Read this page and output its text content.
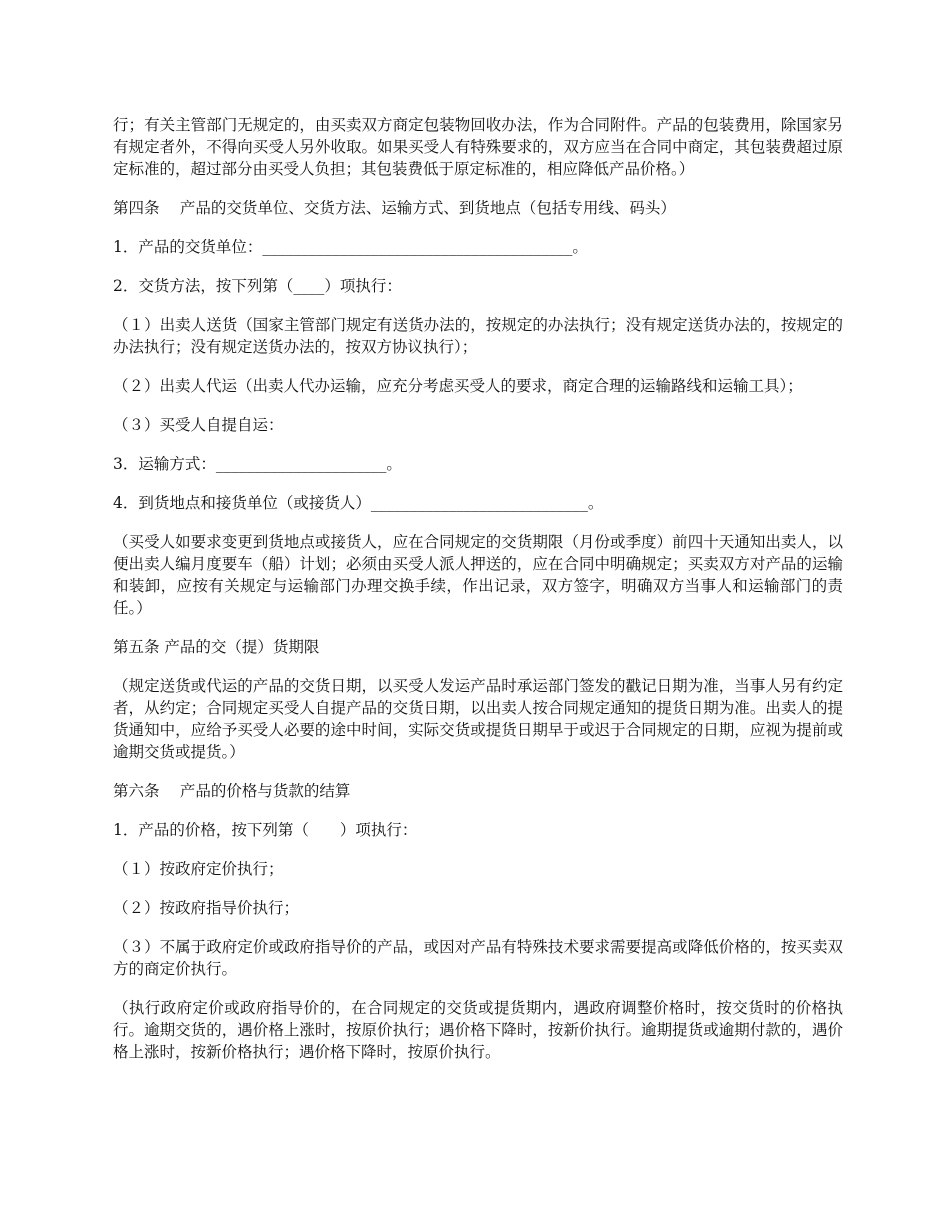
行；有关主管部门无规定的，由买卖双方商定包装物回收办法，作为合同附件。产品的包装费用，除国家另有规定者外，不得向买受人另外收取。如果买受人有特殊要求的，双方应当在合同中商定，其包装费超过原定标准的，超过部分由买受人负担；其包装费低于原定标准的，相应降低产品价格。）

第四条　 产品的交货单位、交货方法、运输方式、到货地点（包括专用线、码头）

1．产品的交货单位：________________________________________。

2．交货方法，按下列第（____）项执行：

（１）出卖人送货（国家主管部门规定有送货办法的，按规定的办法执行；没有规定送货办法的，按规定的办法执行；没有规定送货办法的，按双方协议执行）；

（２）出卖人代运（出卖人代办运输，应充分考虑买受人的要求，商定合理的运输路线和运输工具）；

（３）买受人自提自运：

3．运输方式：______________________。

4．到货地点和接货单位（或接货人）____________________________。

（买受人如要求变更到货地点或接货人，应在合同规定的交货期限（月份或季度）前四十天通知出卖人，以便出卖人编月度要车（船）计划；必须由买受人派人押送的，应在合同中明确规定；买卖双方对产品的运输和装卸，应按有关规定与运输部门办理交换手续，作出记录，双方签字，明确双方当事人和运输部门的责任。）

第五条 产品的交（提）货期限

（规定送货或代运的产品的交货日期，以买受人发运产品时承运部门签发的戳记日期为准，当事人另有约定者，从约定；合同规定买受人自提产品的交货日期，以出卖人按合同规定通知的提货日期为准。出卖人的提货通知中，应给予买受人必要的途中时间，实际交货或提货日期早于或迟于合同规定的日期，应视为提前或逾期交货或提货。）

第六条　 产品的价格与货款的结算

1．产品的价格，按下列第（　　）项执行：

（１）按政府定价执行；

（２）按政府指导价执行；

（３）不属于政府定价或政府指导价的产品，或因对产品有特殊技术要求需要提高或降低价格的，按买卖双方的商定价执行。

（执行政府定价或政府指导价的，在合同规定的交货或提货期内，遇政府调整价格时，按交货时的价格执行。逾期交货的，遇价格上涨时，按原价执行；遇价格下降时，按新价执行。逾期提货或逾期付款的，遇价格上涨时，按新价格执行；遇价格下降时，按原价执行。
